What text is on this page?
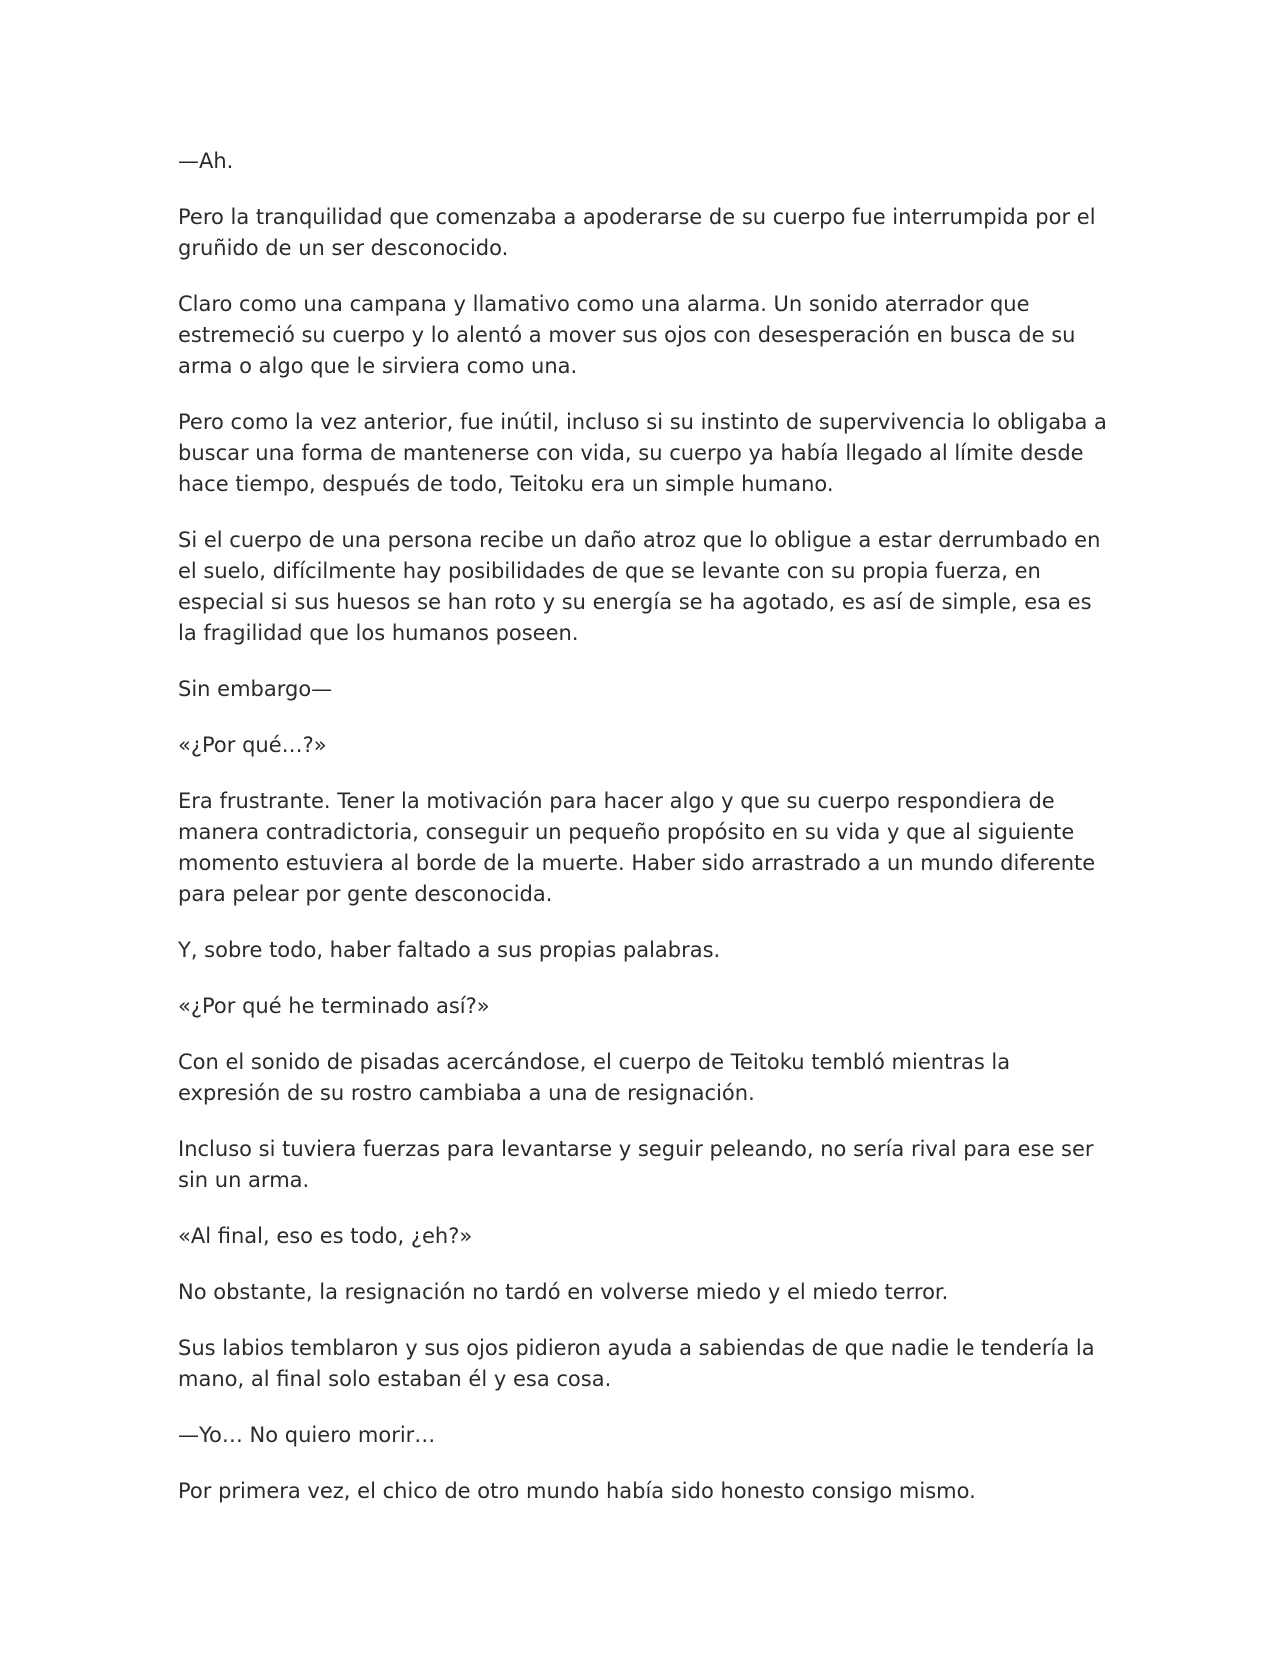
—Ah.

Pero la tranquilidad que comenzaba a apoderarse de su cuerpo fue interrumpida por el gruñido de un ser desconocido.

Claro como una campana y llamativo como una alarma. Un sonido aterrador que estremeció su cuerpo y lo alentó a mover sus ojos con desesperación en busca de su arma o algo que le sirviera como una.

Pero como la vez anterior, fue inútil, incluso si su instinto de supervivencia lo obligaba a buscar una forma de mantenerse con vida, su cuerpo ya había llegado al límite desde hace tiempo, después de todo, Teitoku era un simple humano.

Si el cuerpo de una persona recibe un daño atroz que lo obligue a estar derrumbado en el suelo, difícilmente hay posibilidades de que se levante con su propia fuerza, en especial si sus huesos se han roto y su energía se ha agotado, es así de simple, esa es la fragilidad que los humanos poseen.

Sin embargo—

«¿Por qué…?»

Era frustrante. Tener la motivación para hacer algo y que su cuerpo respondiera de manera contradictoria, conseguir un pequeño propósito en su vida y que al siguiente momento estuviera al borde de la muerte. Haber sido arrastrado a un mundo diferente para pelear por gente desconocida.

Y, sobre todo, haber faltado a sus propias palabras.

«¿Por qué he terminado así?»

Con el sonido de pisadas acercándose, el cuerpo de Teitoku tembló mientras la expresión de su rostro cambiaba a una de resignación.

Incluso si tuviera fuerzas para levantarse y seguir peleando, no sería rival para ese ser sin un arma.

«Al final, eso es todo, ¿eh?»

No obstante, la resignación no tardó en volverse miedo y el miedo terror.

Sus labios temblaron y sus ojos pidieron ayuda a sabiendas de que nadie le tendería la mano, al final solo estaban él y esa cosa.

—Yo… No quiero morir…

Por primera vez, el chico de otro mundo había sido honesto consigo mismo.
